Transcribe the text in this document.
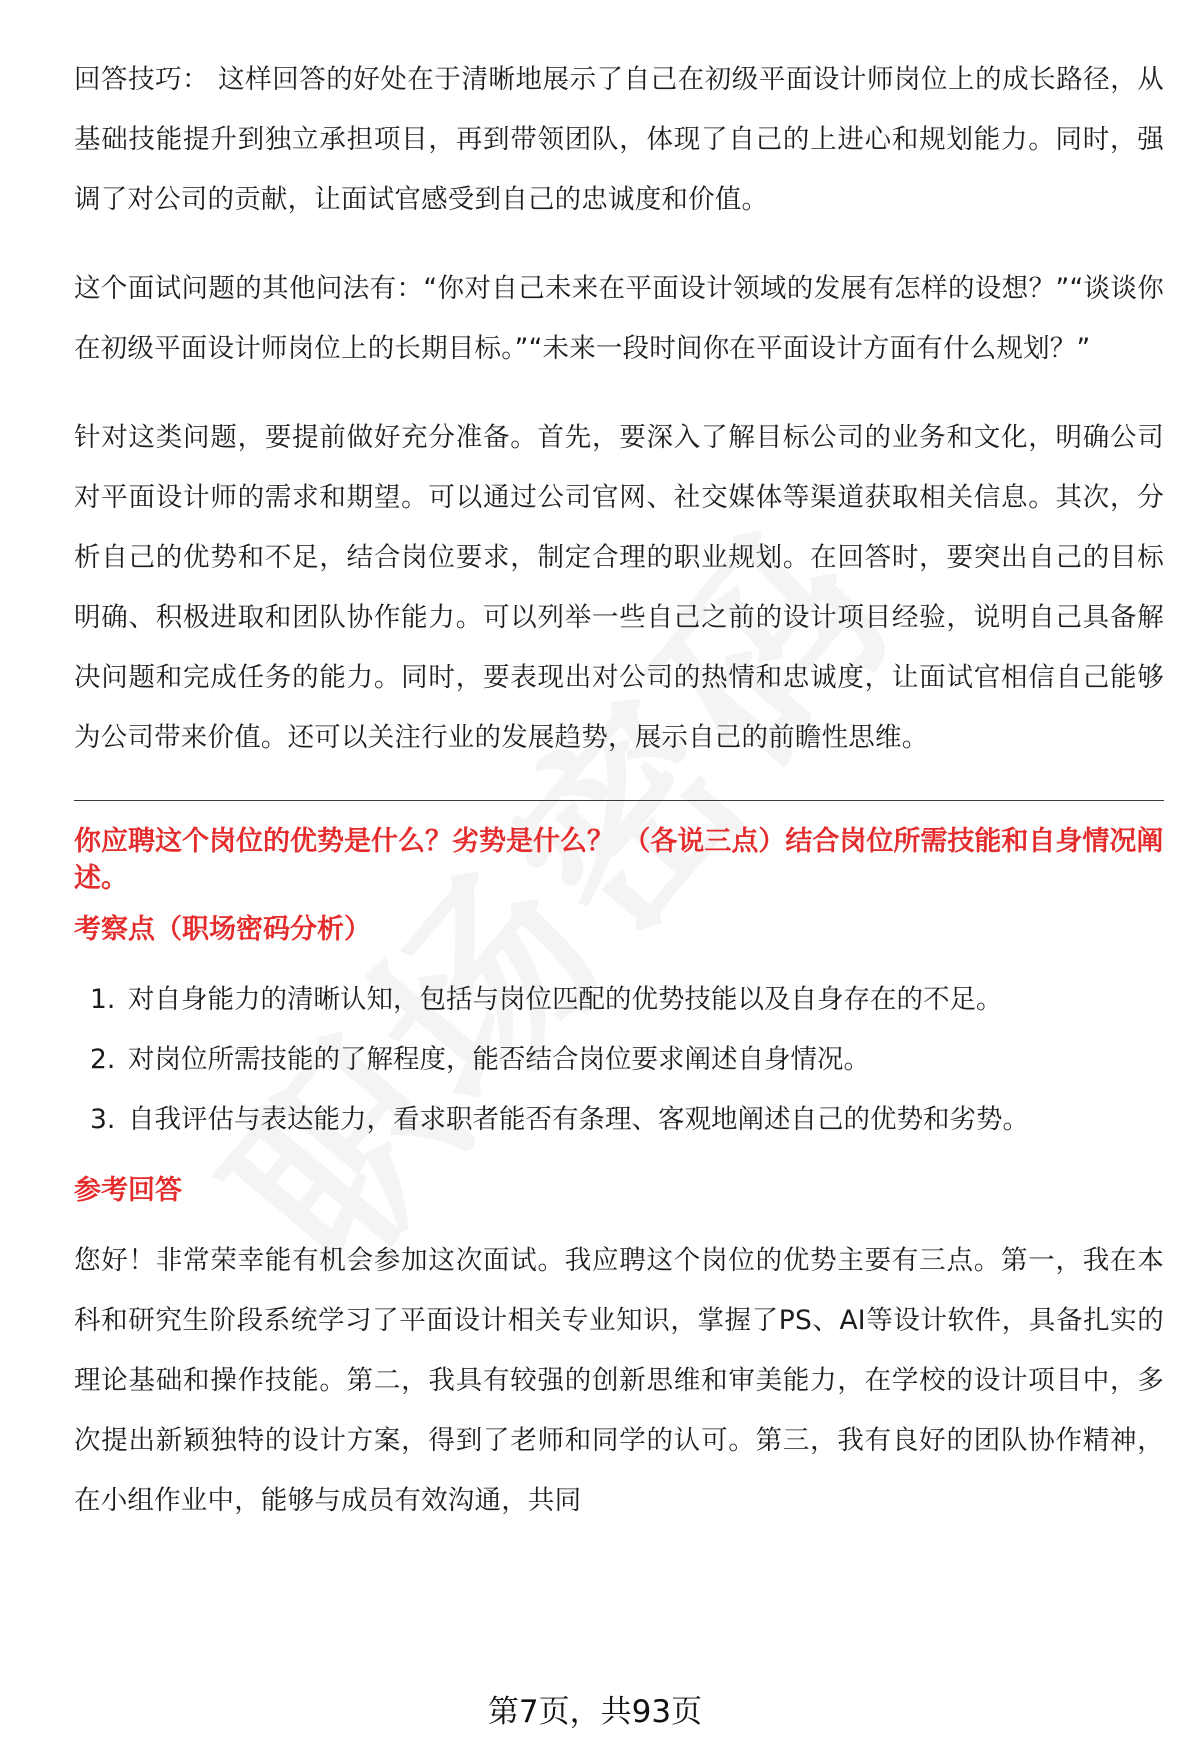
回答技巧： 这样回答的好处在于清晰地展示了自己在初级平面设计师岗位上的成长路径，从基础技能提升到独立承担项目，再到带领团队，体现了自己的上进心和规划能力。同时，强调了对公司的贡献，让面试官感受到自己的忠诚度和价值。

这个面试问题的其他问法有：“你对自己未来在平面设计领域的发展有怎样的设想？”“谈谈你在初级平面设计师岗位上的长期目标。”“未来一段时间你在平面设计方面有什么规划？”

针对这类问题，要提前做好充分准备。首先，要深入了解目标公司的业务和文化，明确公司对平面设计师的需求和期望。可以通过公司官网、社交媒体等渠道获取相关信息。其次，分析自己的优势和不足，结合岗位要求，制定合理的职业规划。在回答时，要突出自己的目标明确、积极进取和团队协作能力。可以列举一些自己之前的设计项目经验，说明自己具备解决问题和完成任务的能力。同时，要表现出对公司的热情和忠诚度，让面试官相信自己能够为公司带来价值。还可以关注行业的发展趋势，展示自己的前瞻性思维。

你应聘这个岗位的优势是什么？劣势是什么？ （各说三点）结合岗位所需技能和自身情况阐述。
考察点（职场密码分析）
1. 对自身能力的清晰认知，包括与岗位匹配的优势技能以及自身存在的不足。
2. 对岗位所需技能的了解程度，能否结合岗位要求阐述自身情况。
3. 自我评估与表达能力，看求职者能否有条理、客观地阐述自己的优势和劣势。
参考回答

您好！非常荣幸能有机会参加这次面试。我应聘这个岗位的优势主要有三点。第一，我在本科和研究生阶段系统学习了平面设计相关专业知识，掌握了PS、AI等设计软件，具备扎实的理论基础和操作技能。第二，我具有较强的创新思维和审美能力，在学校的设计项目中，多次提出新颖独特的设计方案，得到了老师和同学的认可。第三，我有良好的团队协作精神，在小组作业中，能够与成员有效沟通，共同

第7页，共93页
